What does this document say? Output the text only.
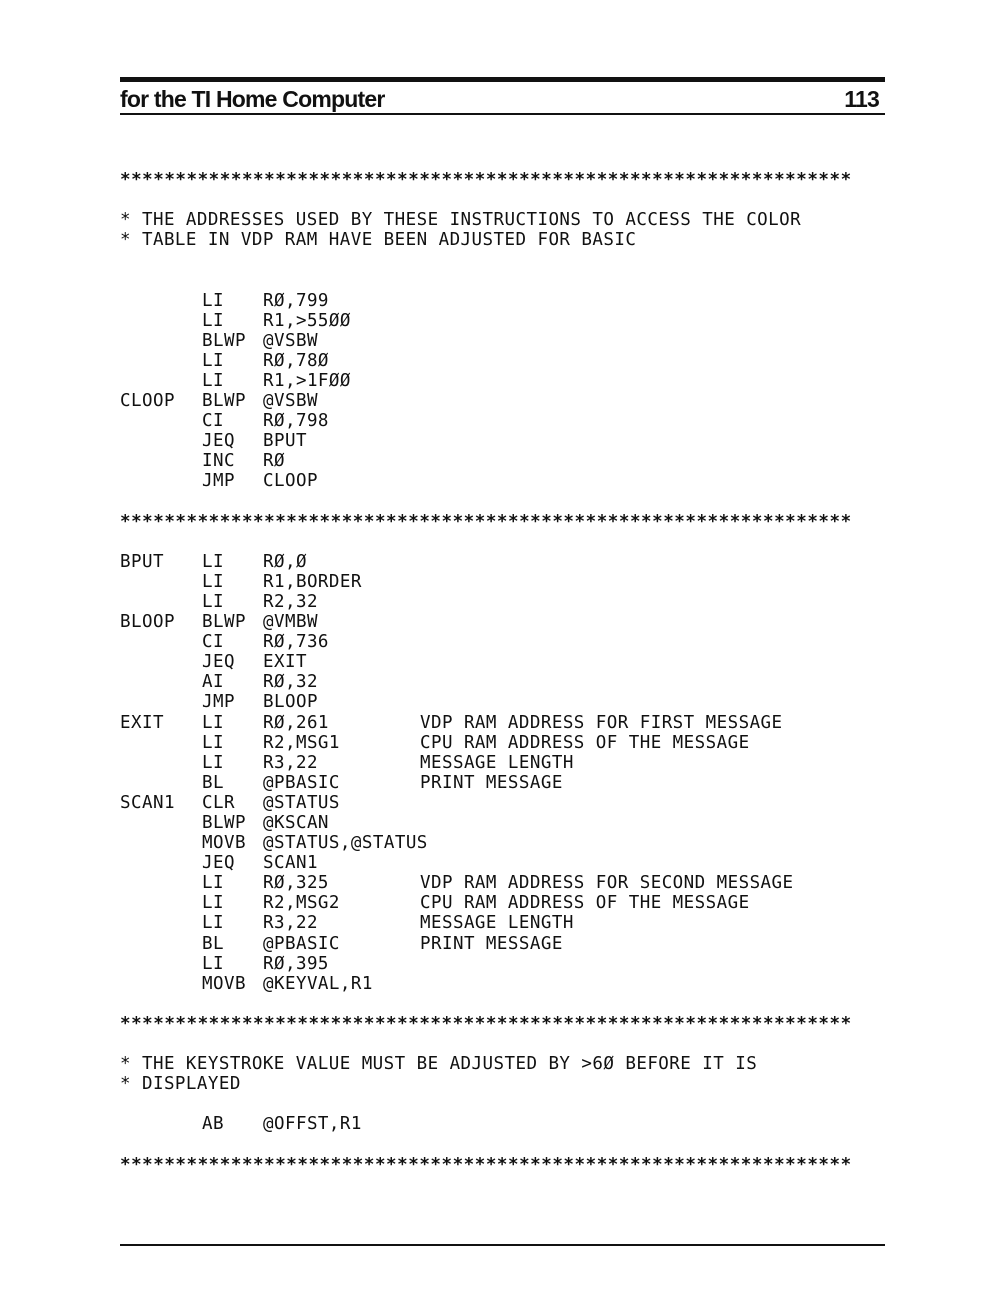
for the TI Home Computer	113
******************************************************************

* THE ADDRESSES USED BY THESE INSTRUCTIONS TO ACCESS THE COLOR
* TABLE IN VDP RAM HAVE BEEN ADJUSTED FOR BASIC

LI RØ,799
LI R1,>55ØØ
BLWP @VSBW
LI RØ,78Ø
LI R1,>1FØØ
CLOOP BLWP @VSBW
CI RØ,798
JEQ BPUT
INC RØ
JMP CLOOP

******************************************************************

BPUT LI RØ,Ø
LI R1,BORDER
LI R2,32
BLOOP BLWP @VMBW
CI RØ,736
JEQ EXIT
AI RØ,32
JMP BLOOP
EXIT LI RØ,261	VDP RAM ADDRESS FOR FIRST MESSAGE
LI R2,MSG1	CPU RAM ADDRESS OF THE MESSAGE
LI R3,22	MESSAGE LENGTH
BL @PBASIC	PRINT MESSAGE
SCAN1 CLR @STATUS
BLWP @KSCAN
MOVB @STATUS,@STATUS
JEQ SCAN1
LI RØ,325	VDP RAM ADDRESS FOR SECOND MESSAGE
LI R2,MSG2	CPU RAM ADDRESS OF THE MESSAGE
LI R3,22	MESSAGE LENGTH
BL @PBASIC	PRINT MESSAGE
LI RØ,395
MOVB @KEYVAL,R1

******************************************************************

* THE KEYSTROKE VALUE MUST BE ADJUSTED BY >6Ø BEFORE IT IS
* DISPLAYED

AB @OFFST,R1

******************************************************************
